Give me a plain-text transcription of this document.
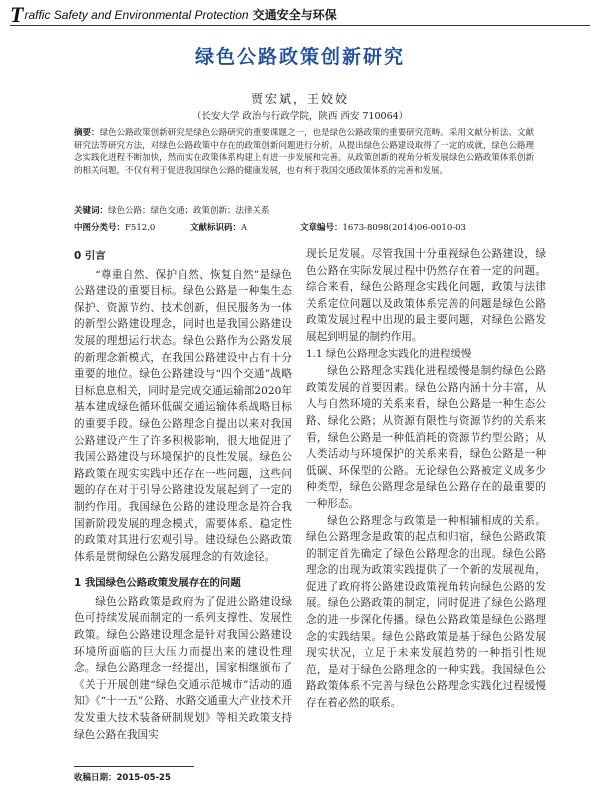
Traffic Safety and Environmental Protection 交通安全与环保
绿色公路政策创新研究
贾宏斌，王姣姣
（长安大学 政治与行政学院，陕西 西安 710064）
摘要：绿色公路政策创新研究是绿色公路研究的重要课题之一，也是绿色公路政策的重要研究范畴。采用文献分析法、文献研究法等研究方法，对绿色公路政策中存在的政策创新问题进行分析，从提出绿色公路建设取得了一定的成就，绿色公路理念实践化进程不断加快，然而实在政策体系构建上有进一步发展和完善。从政策创新的视角分析发展绿色公路政策体系创新的相关问题，不仅有利于促进我国绿色公路的健康发展，也有利于我国交通政策体系的完善和发展。
关键词：绿色公路；绿色交通；政策创新；法律关系
中图分类号：F512.0	文献标识码：A	文章编号：1673-8098(2014)06-0010-03
0 引言

“尊重自然、保护自然、恢复自然”是绿色公路建设的重要目标。绿色公路是一种集生态保护、资源节约、技术创新，但民服务为一体的新型公路建设理念，同时也是我国公路建设发展的理想运行状态。绿色公路作为公路发展的新理念新模式，在我国公路建设中占有十分重要的地位。绿色公路建设与“四个交通”战略目标息息相关，同时是完成交通运输部2020年基本建成绿色循环低碳交通运输体系战略目标的重要手段。绿色公路理念自提出以来对我国公路建设产生了许多积极影响，很大地促进了我国公路建设与环境保护的良性发展。绿色公路政策在现实实践中还存在一些问题，这些问题的存在对于引导公路建设发展起到了一定的制约作用。我国绿色公路的建设理念是符合我国新阶段发展的理念模式，需要体系、稳定性的政策对其进行宏观引导。建设绿色公路政策体系是贯彻绿色公路发展理念的有效途径。

1 我国绿色公路政策发展存在的问题

绿色公路政策是政府为了促进公路建设绿色可持续发展而制定的一系列支撑性、发展性政策。绿色公路建设理念是针对我国公路建设环境所面临的巨大压力而提出来的建设性理念。绿色公路理念一经提出，国家相继颁布了《关于开展创建“绿色交通示范城市”活动的通知》《“十一五”公路、水路交通重大产业技术开发发重大技术装备研制规划》等相关政策支持绿色公路在我国实

现长足发展。尽管我国十分重视绿色公路建设，绿色公路在实际发展过程中仍然存在着一定的问题。综合来看，绿色公路理念实践化问题，政策与法律关系定位问题以及政策体系完善的问题是绿色公路政策发展过程中出现的最主要问题，对绿色公路发展起到明显的制约作用。

1.1 绿色公路理念实践化的进程缓慢

绿色公路理念实践化进程缓慢是制约绿色公路政策发展的首要因素。绿色公路内涵十分丰富，从人与自然环境的关系来看，绿色公路是一种生态公路、绿化公路；从资源有限性与资源节约的关系来看，绿色公路是一种低消耗的资源节约型公路；从人类活动与环境保护的关系来看，绿色公路是一种低碳、环保型的公路。无论绿色公路被定义成多少种类型，绿色公路理念是绿色公路存在的最重要的一种形态。

绿色公路理念与政策是一种相辅相成的关系。绿色公路理念是政策的起点和归宿，绿色公路政策的制定首先确定了绿色公路理念的出现。绿色公路理念的出现为政策实践提供了一个新的发展视角，促进了政府将公路建设政策视角转向绿色公路的发展。绿色公路政策的制定，同时促进了绿色公路理念的进一步深化传播。绿色公路政策是绿色公路理念的实践结果。绿色公路政策是基于绿色公路发展现实状况，立足于未来发展趋势的一种指引性规范，是对于绿色公路理念的一种实践。我国绿色公路政策体系不完善与绿色公路理念实践化过程缓慢存在着必然的联系。

收稿日期：2015-05-25
